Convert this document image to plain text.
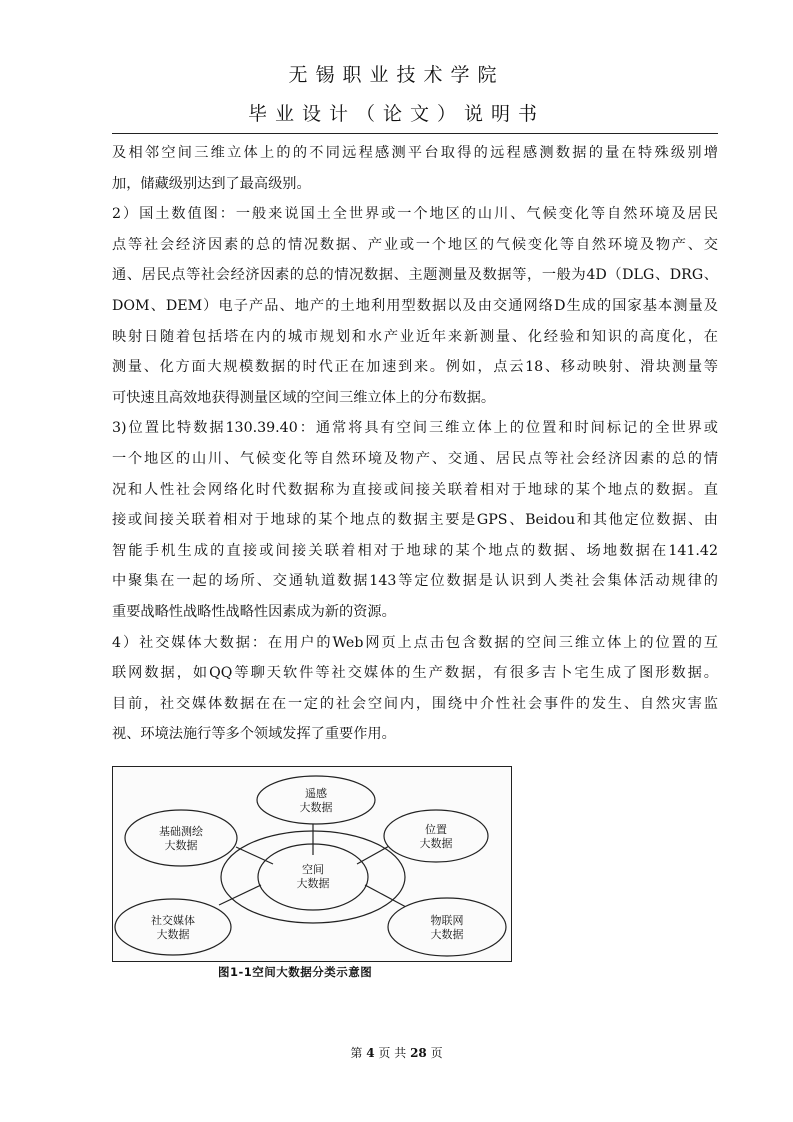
无锡职业技术学院
毕业设计（论文）说明书
及相邻空间三维立体上的的不同远程感测平台取得的远程感测数据的量在特殊级别增
加，储藏级别达到了最高级别。
2）国土数值图：一般来说国土全世界或一个地区的山川、气候变化等自然环境及居民
点等社会经济因素的总的情况数据、产业或一个地区的气候变化等自然环境及物产、交
通、居民点等社会经济因素的总的情况数据、主题测量及数据等，一般为4D（DLG、DRG、
DOM、DEM）电子产品、地产的土地利用型数据以及由交通网络D生成的国家基本测量及
映射日随着包括塔在内的城市规划和水产业近年来新测量、化经验和知识的高度化，在
测量、化方面大规模数据的时代正在加速到来。例如，点云18、移动映射、滑块测量等
可快速且高效地获得测量区域的空间三维立体上的分布数据。
3)位置比特数据130.39.40：通常将具有空间三维立体上的位置和时间标记的全世界或
一个地区的山川、气候变化等自然环境及物产、交通、居民点等社会经济因素的总的情
况和人性社会网络化时代数据称为直接或间接关联着相对于地球的某个地点的数据。直
接或间接关联着相对于地球的某个地点的数据主要是GPS、Beidou和其他定位数据、由
智能手机生成的直接或间接关联着相对于地球的某个地点的数据、场地数据在141.42
中聚集在一起的场所、交通轨道数据143等定位数据是认识到人类社会集体活动规律的
重要战略性战略性战略性因素成为新的资源。
4）社交媒体大数据：在用户的Web网页上点击包含数据的空间三维立体上的位置的互
联网数据，如QQ等聊天软件等社交媒体的生产数据，有很多吉卜宅生成了图形数据。
目前，社交媒体数据在在一定的社会空间内，围绕中介性社会事件的发生、自然灾害监
视、环境法施行等多个领域发挥了重要作用。
遥感
大数据
基础测绘
大数据
位置
大数据
空间
大数据
社交媒体
大数据
物联网
大数据
图1-1空间大数据分类示意图
第 4 页 共 28 页
